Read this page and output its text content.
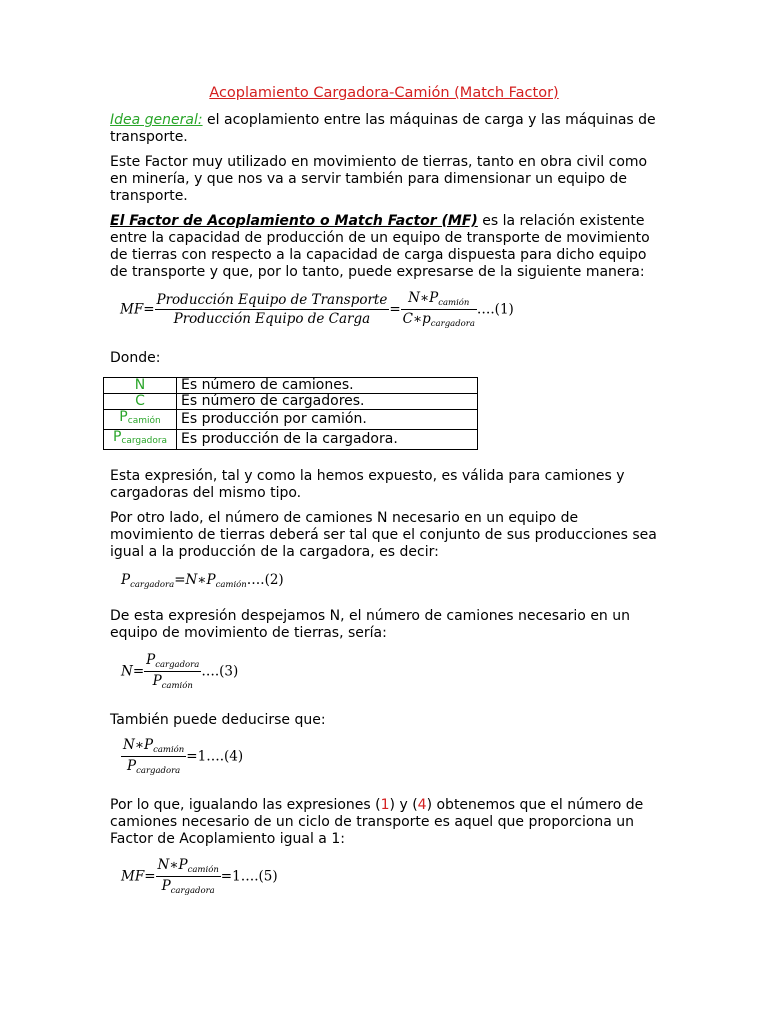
Acoplamiento Cargadora-Camión (Match Factor)
Idea general: el acoplamiento entre las máquinas de carga y las máquinas de transporte.
Este Factor muy utilizado en movimiento de tierras, tanto en obra civil como en minería, y que nos va a servir también para dimensionar un equipo de transporte.
El Factor de Acoplamiento o Match Factor (MF) es la relación existente entre la capacidad de producción de un equipo de transporte de movimiento de tierras con respecto a la capacidad de carga dispuesta para dicho equipo de transporte y que, por lo tanto, puede expresarse de la siguiente manera:
$MF= \frac{\text{Producción Equipo de Transporte}}{\text{Producción Equipo de Carga}} = \frac{N∗P_{camión}}{C∗p_{cargadora}}$ ….(1)
Donde:
N	Es número de camiones.
C	Es número de cargadores.
$P_{camión}$	Es producción por camión.
$P_{cargadora}$	Es producción de la cargadora.
Esta expresión, tal y como la hemos expuesto, es válida para camiones y cargadoras del mismo tipo.
Por otro lado, el número de camiones N necesario en un equipo de movimiento de tierras deberá ser tal que el conjunto de sus producciones sea igual a la producción de la cargadora, es decir:
$P_{cargadora}=N∗P_{camión}\dots.(2)$
De esta expresión despejamos N, el número de camiones necesario en un equipo de movimiento de tierras, sería:
$N= \frac{P_{cargadora}}{P_{camión}}$ ….(3)
También puede deducirse que:
$\frac{N∗P_{camión}}{P_{cargadora}}$ =1….(4)
Por lo que, igualando las expresiones (1) y (4) obtenemos que el número de camiones necesario de un ciclo de transporte es aquel que proporciona un Factor de Acoplamiento igual a 1:
$MF= \frac{N∗P_{camión}}{P_{cargadora}}$ =1….(5)
